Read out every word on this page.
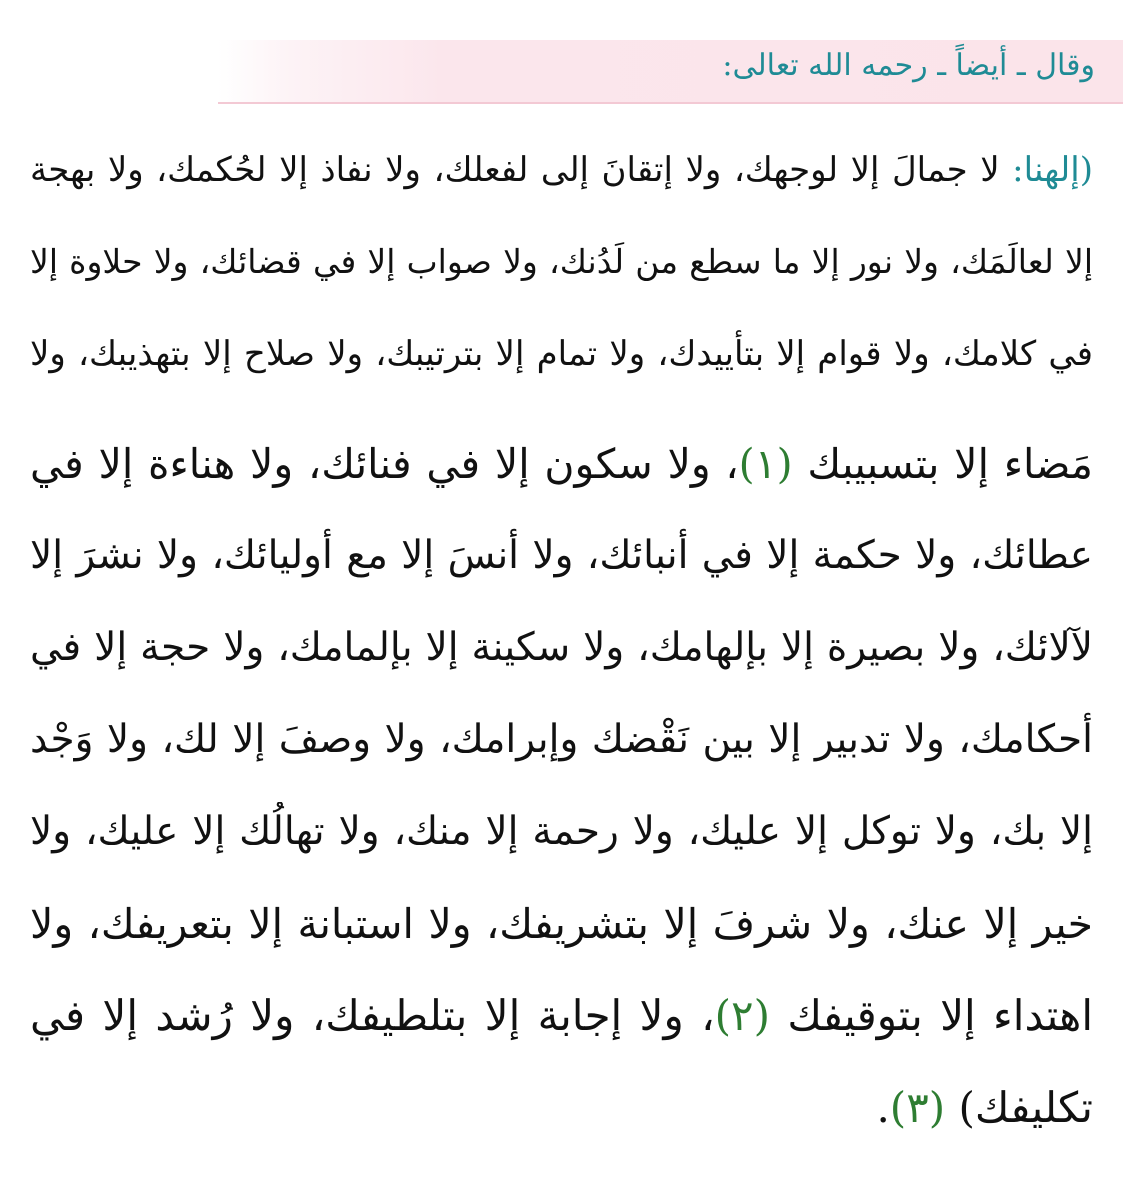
وقال ـ أيضاً ـ رحمه الله تعالى:
(إلهنا: لا جمالَ إلا لوجهك، ولا إتقانَ إلى لفعلك، ولا نفاذ إلا لحُكمك، ولا بهجة
إلا لعالَمَك، ولا نور إلا ما سطع من لَدُنك، ولا صواب إلا في قضائك، ولا حلاوة إلا
في كلامك، ولا قوام إلا بتأييدك، ولا تمام إلا بترتيبك، ولا صلاح إلا بتهذيبك، ولا
مَضاء إلا بتسبيبك (١)، ولا سكون إلا في فنائك، ولا هناءة إلا في
عطائك، ولا حكمة إلا في أنبائك، ولا أنسَ إلا مع أوليائك، ولا نشرَ إلا
لآلائك، ولا بصيرة إلا بإلهامك، ولا سكينة إلا بإلمامك، ولا حجة إلا في
أحكامك، ولا تدبير إلا بين نَقْضك وإبرامك، ولا وصفَ إلا لك، ولا وَجْد
إلا بك، ولا توكل إلا عليك، ولا رحمة إلا منك، ولا تهالُك إلا عليك، ولا
خير إلا عنك، ولا شرفَ إلا بتشريفك، ولا استبانة إلا بتعريفك، ولا
اهتداء إلا بتوقيفك (٢)، ولا إجابة إلا بتلطيفك، ولا رُشد إلا في
تكليفك) (٣).
